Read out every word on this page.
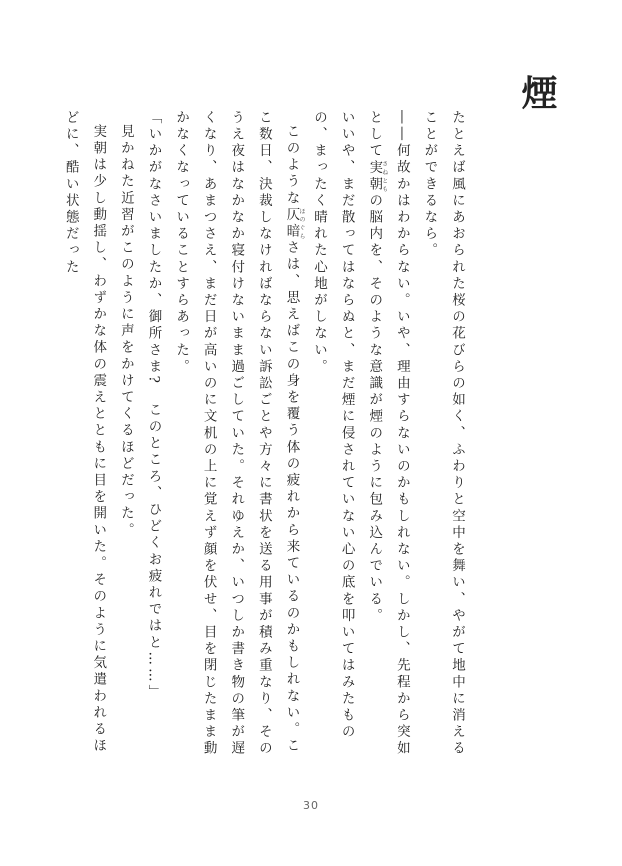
煙

たとえば風にあおられた桜の花びらの如く、ふわりと空中を舞い、やがて地中に消えることができるなら。

――何故かはわからない。いや、理由すらないのかもしれない。しかし、先程から突如として実朝さねともの脳内を、そのような意識が煙のように包み込んでいる。

いいや、まだ散ってはならぬと、まだ煙に侵されていない心の底を叩いてはみたものの、まったく晴れた心地がしない。

このような仄暗ほのぐらさは、思えばこの身を覆う体の疲れから来ているのかもしれない。ここ数日、決裁しなければならない訴訟ごとや方々に書状を送る用事が積み重なり、そのうえ夜はなかなか寝付けないまま過ごしていた。それゆえか、いつしか書き物の筆が遅くなり、あまつさえ、まだ日が高いのに文机の上に覚えず顔を伏せ、目を閉じたまま動かなくなっていることすらあった。

「いかがなさいましたか、御所さま?　このところ、ひどくお疲れではと……」

見かねた近習がこのように声をかけてくるほどだった。

実朝は少し動揺し、わずかな体の震えとともに目を開いた。そのように気遣われるほどに、酷い状態だった

30
